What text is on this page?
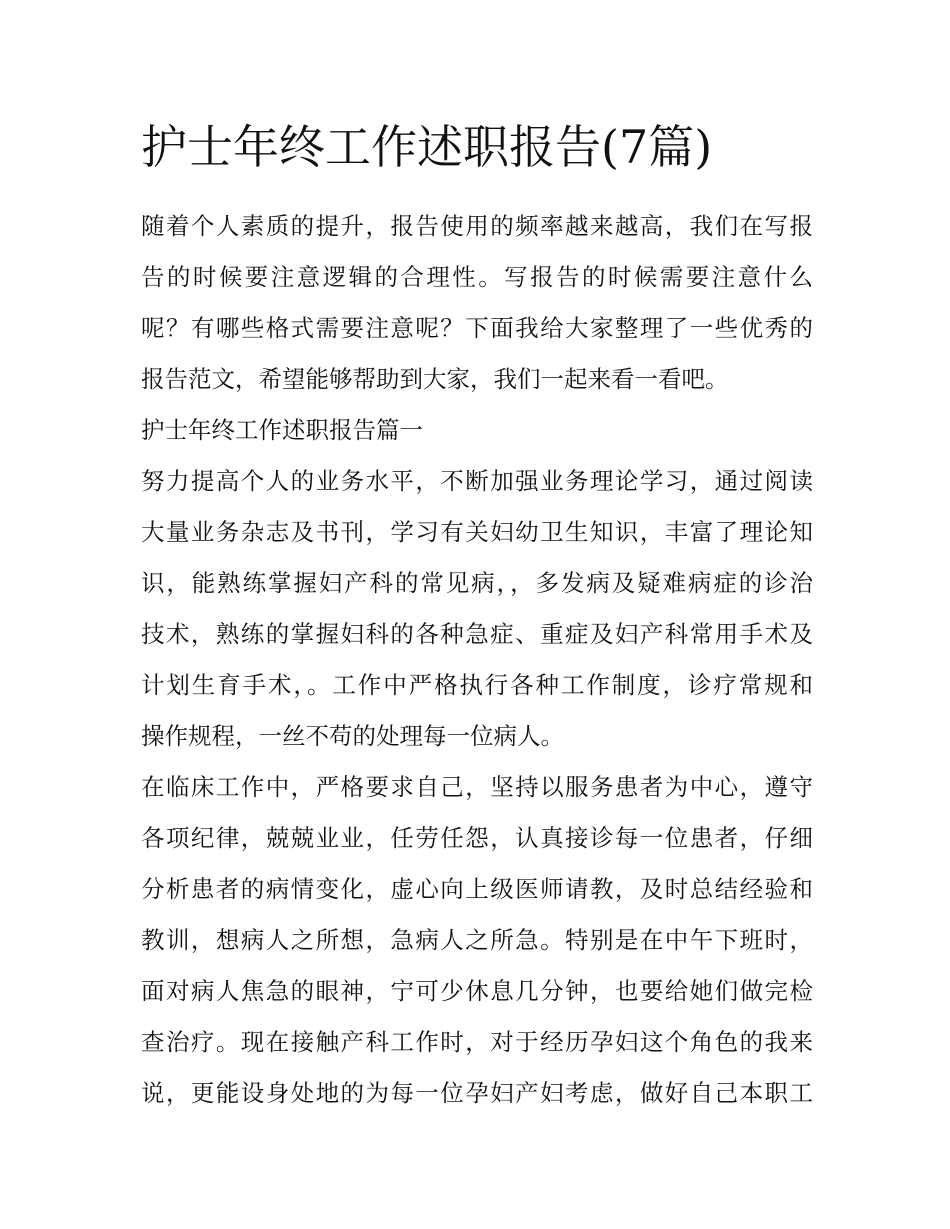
护士年终工作述职报告(7篇)
随着个人素质的提升，报告使用的频率越来越高，我们在写报
告的时候要注意逻辑的合理性。写报告的时候需要注意什么
呢？有哪些格式需要注意呢？下面我给大家整理了一些优秀的
报告范文，希望能够帮助到大家，我们一起来看一看吧。
护士年终工作述职报告篇一
努力提高个人的业务水平，不断加强业务理论学习，通过阅读
大量业务杂志及书刊，学习有关妇幼卫生知识，丰富了理论知
识，能熟练掌握妇产科的常见病，，多发病及疑难病症的诊治
技术，熟练的掌握妇科的各种急症、重症及妇产科常用手术及
计划生育手术，。工作中严格执行各种工作制度，诊疗常规和
操作规程，一丝不苟的处理每一位病人。
在临床工作中，严格要求自己，坚持以服务患者为中心，遵守
各项纪律，兢兢业业，任劳任怨，认真接诊每一位患者，仔细
分析患者的病情变化，虚心向上级医师请教，及时总结经验和
教训，想病人之所想，急病人之所急。特别是在中午下班时，
面对病人焦急的眼神，宁可少休息几分钟，也要给她们做完检
查治疗。现在接触产科工作时，对于经历孕妇这个角色的我来
说，更能设身处地的为每一位孕妇产妇考虑，做好自己本职工
